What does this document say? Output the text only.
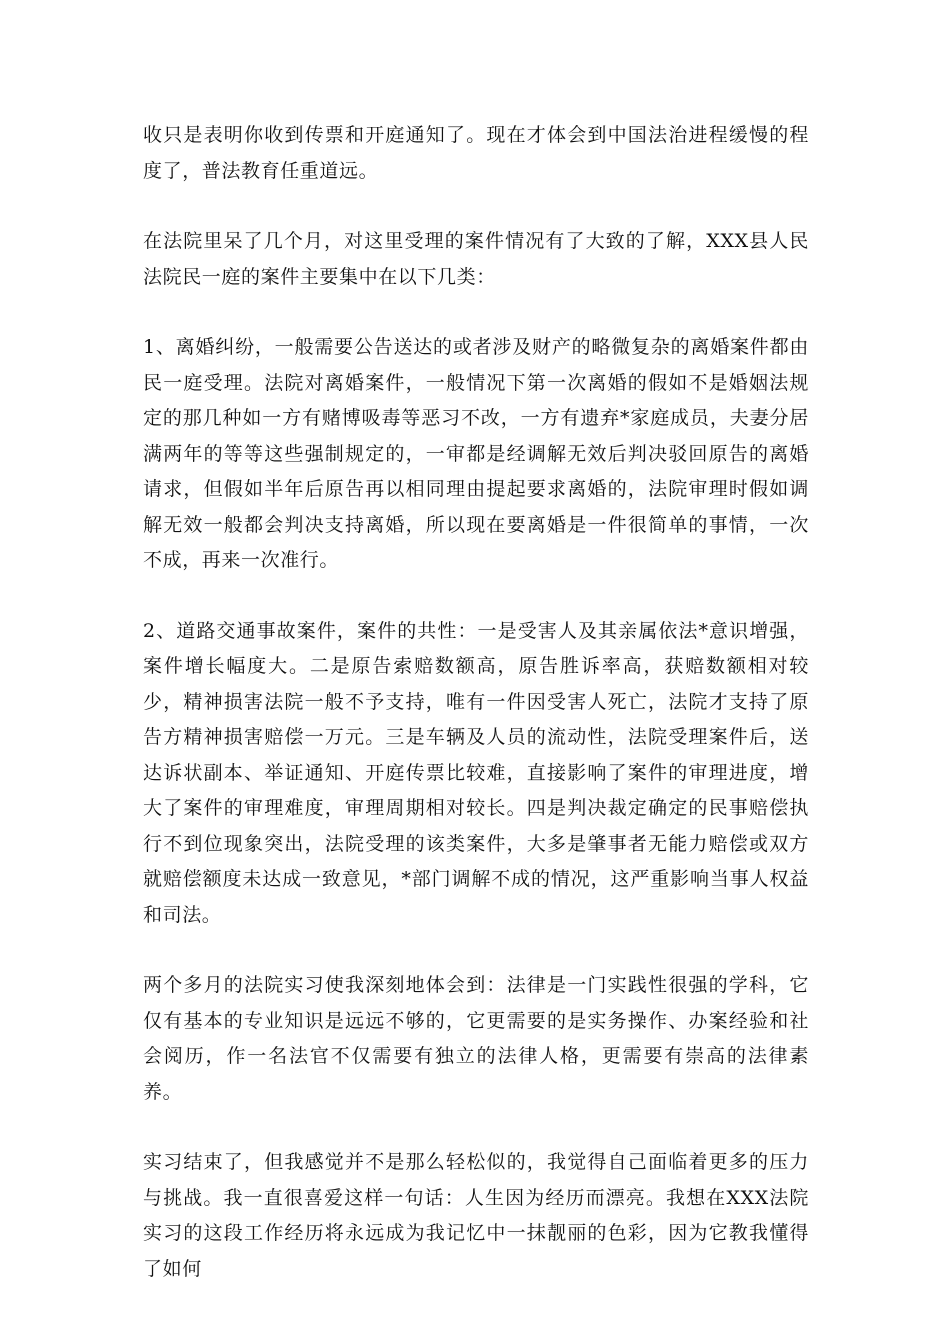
收只是表明你收到传票和开庭通知了。现在才体会到中国法治进程缓慢的程度了，普法教育任重道远。

在法院里呆了几个月，对这里受理的案件情况有了大致的了解，XXX县人民法院民一庭的案件主要集中在以下几类：

1、离婚纠纷，一般需要公告送达的或者涉及财产的略微复杂的离婚案件都由民一庭受理。法院对离婚案件，一般情况下第一次离婚的假如不是婚姻法规定的那几种如一方有赌博吸毒等恶习不改，一方有遗弃*家庭成员，夫妻分居满两年的等等这些强制规定的，一审都是经调解无效后判决驳回原告的离婚请求，但假如半年后原告再以相同理由提起要求离婚的，法院审理时假如调解无效一般都会判决支持离婚，所以现在要离婚是一件很简单的事情，一次不成，再来一次准行。

2、道路交通事故案件，案件的共性：一是受害人及其亲属依法*意识增强，案件增长幅度大。二是原告索赔数额高，原告胜诉率高，获赔数额相对较少，精神损害法院一般不予支持，唯有一件因受害人死亡，法院才支持了原告方精神损害赔偿一万元。三是车辆及人员的流动性，法院受理案件后，送达诉状副本、举证通知、开庭传票比较难，直接影响了案件的审理进度，增大了案件的审理难度，审理周期相对较长。四是判决裁定确定的民事赔偿执行不到位现象突出，法院受理的该类案件，大多是肇事者无能力赔偿或双方就赔偿额度未达成一致意见，*部门调解不成的情况，这严重影响当事人权益和司法。

两个多月的法院实习使我深刻地体会到：法律是一门实践性很强的学科，它仅有基本的专业知识是远远不够的，它更需要的是实务操作、办案经验和社会阅历，作一名法官不仅需要有独立的法律人格，更需要有崇高的法律素养。

实习结束了，但我感觉并不是那么轻松似的，我觉得自己面临着更多的压力与挑战。我一直很喜爱这样一句话：人生因为经历而漂亮。我想在XXX法院实习的这段工作经历将永远成为我记忆中一抹靓丽的色彩，因为它教我懂得了如何
